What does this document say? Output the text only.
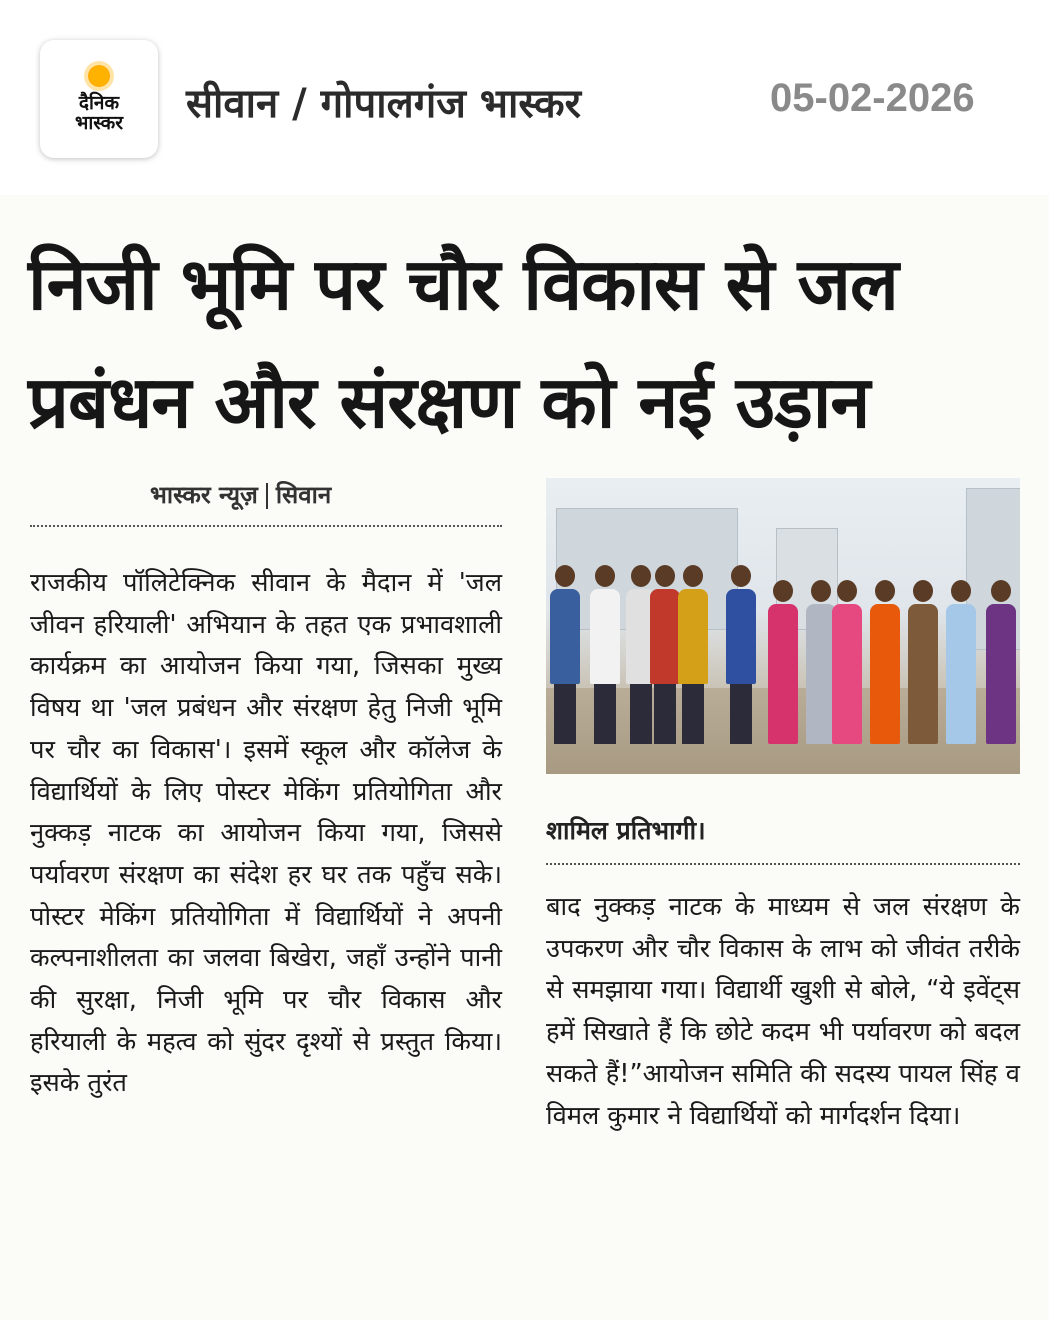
दैनिक
भास्कर सीवान / गोपालगंज भास्कर	05-02-2026
निजी भूमि पर चौर विकास से जल प्रबंधन और संरक्षण को नई उड़ान
भास्कर न्यूज़ सिवान
राजकीय पॉलिटेक्निक सीवान के मैदान में 'जल जीवन हरियाली' अभियान के तहत एक प्रभावशाली कार्यक्रम का आयोजन किया गया, जिसका मुख्य विषय था 'जल प्रबंधन और संरक्षण हेतु निजी भूमि पर चौर का विकास'। इसमें स्कूल और कॉलेज के विद्यार्थियों के लिए पोस्टर मेकिंग प्रतियोगिता और नुक्कड़ नाटक का आयोजन किया गया, जिससे पर्यावरण संरक्षण का संदेश हर घर तक पहुँच सके। पोस्टर मेकिंग प्रतियोगिता में विद्यार्थियों ने अपनी कल्पनाशीलता का जलवा बिखेरा, जहाँ उन्होंने पानी की सुरक्षा, निजी भूमि पर चौर विकास और हरियाली के महत्व को सुंदर दृश्यों से प्रस्तुत किया। इसके तुरंत
शामिल प्रतिभागी।
बाद नुक्कड़ नाटक के माध्यम से जल संरक्षण के उपकरण और चौर विकास के लाभ को जीवंत तरीके से समझाया गया। विद्यार्थी खुशी से बोले, “ये इवेंट्स हमें सिखाते हैं कि छोटे कदम भी पर्यावरण को बदल सकते हैं!”आयोजन समिति की सदस्य पायल सिंह व विमल कुमार ने विद्यार्थियों को मार्गदर्शन दिया।
